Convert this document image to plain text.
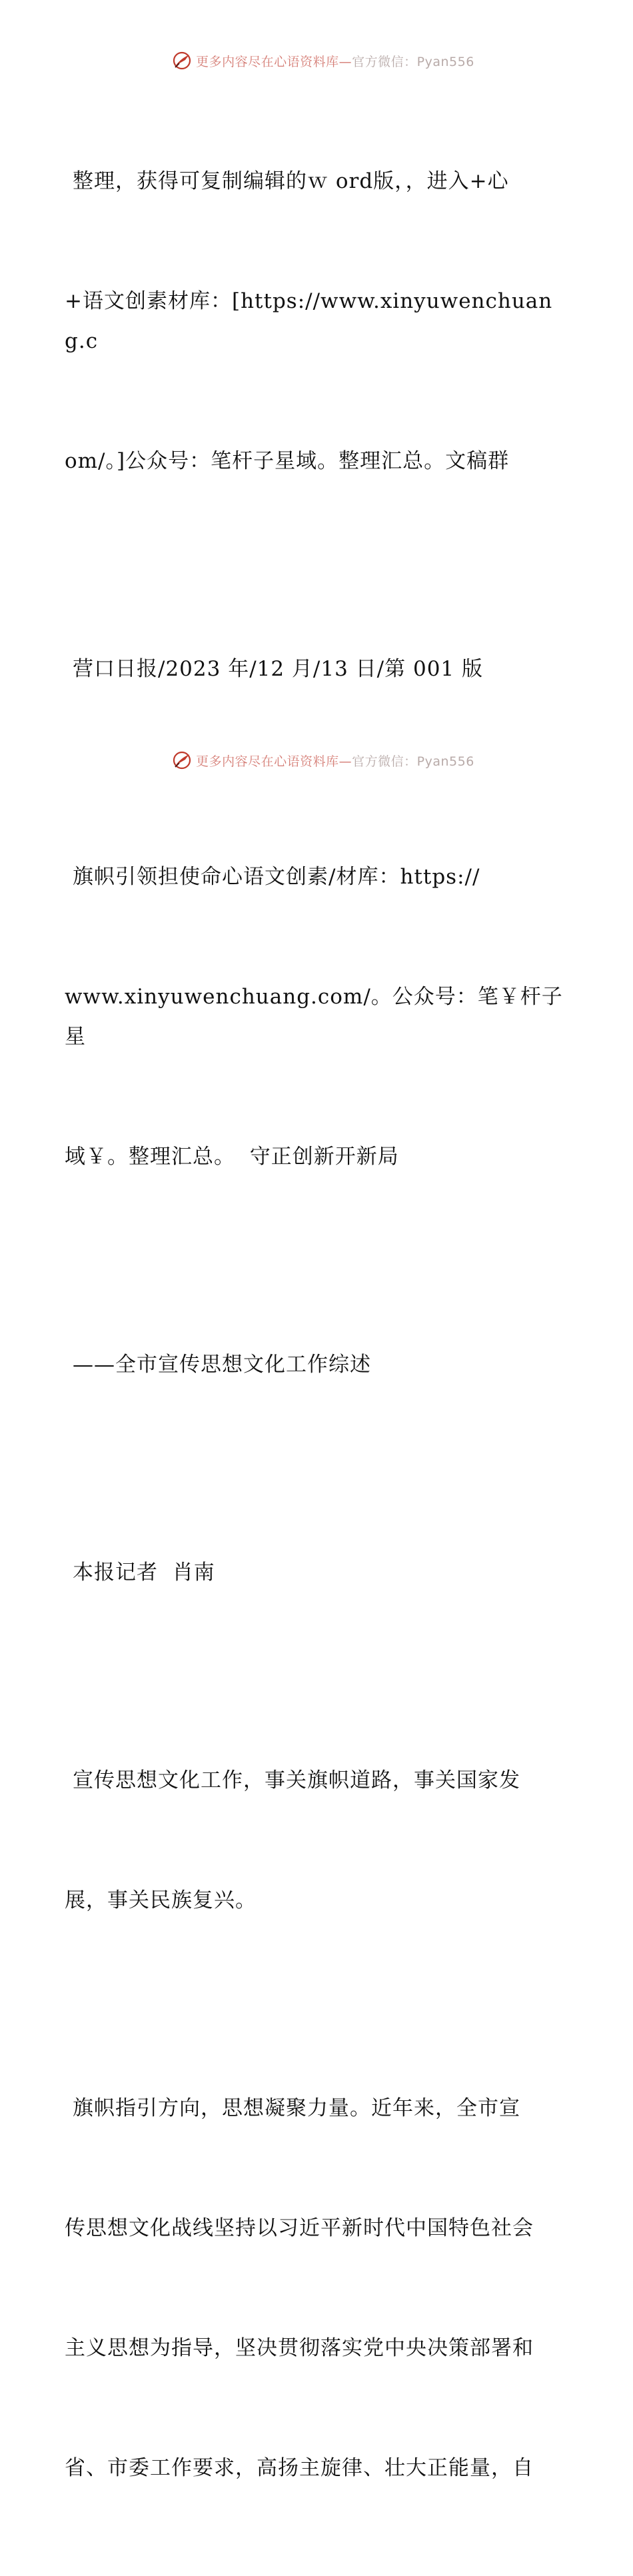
更多内容尽在心语资料库—官方微信：Pyan556

整理，获得可复制编辑的ｗ ord版，，进入+心

+语文创素材库：[https://www.xinyuwenchuang.c

om/。]公众号：笔杆子星域。整理汇总。文稿群

营口日报/2023 年/12 月/13 日/第 001 版

旗帜引领担使命心语文创素/材库：https://

www.xinyuwenchuang.com/。公众号：笔￥杆子星

域￥。整理汇总。  守正创新开新局

——全市宣传思想文化工作综述

本报记者  肖南

宣传思想文化工作，事关旗帜道路，事关国家发

展，事关民族复兴。

旗帜指引方向，思想凝聚力量。近年来，全市宣

传思想文化战线坚持以习近平新时代中国特色社会

主义思想为指导，坚决贯彻落实党中央决策部署和

省、市委工作要求，高扬主旋律、壮大正能量，自

更多内容尽在心语资料库—官方微信：Pyan556
